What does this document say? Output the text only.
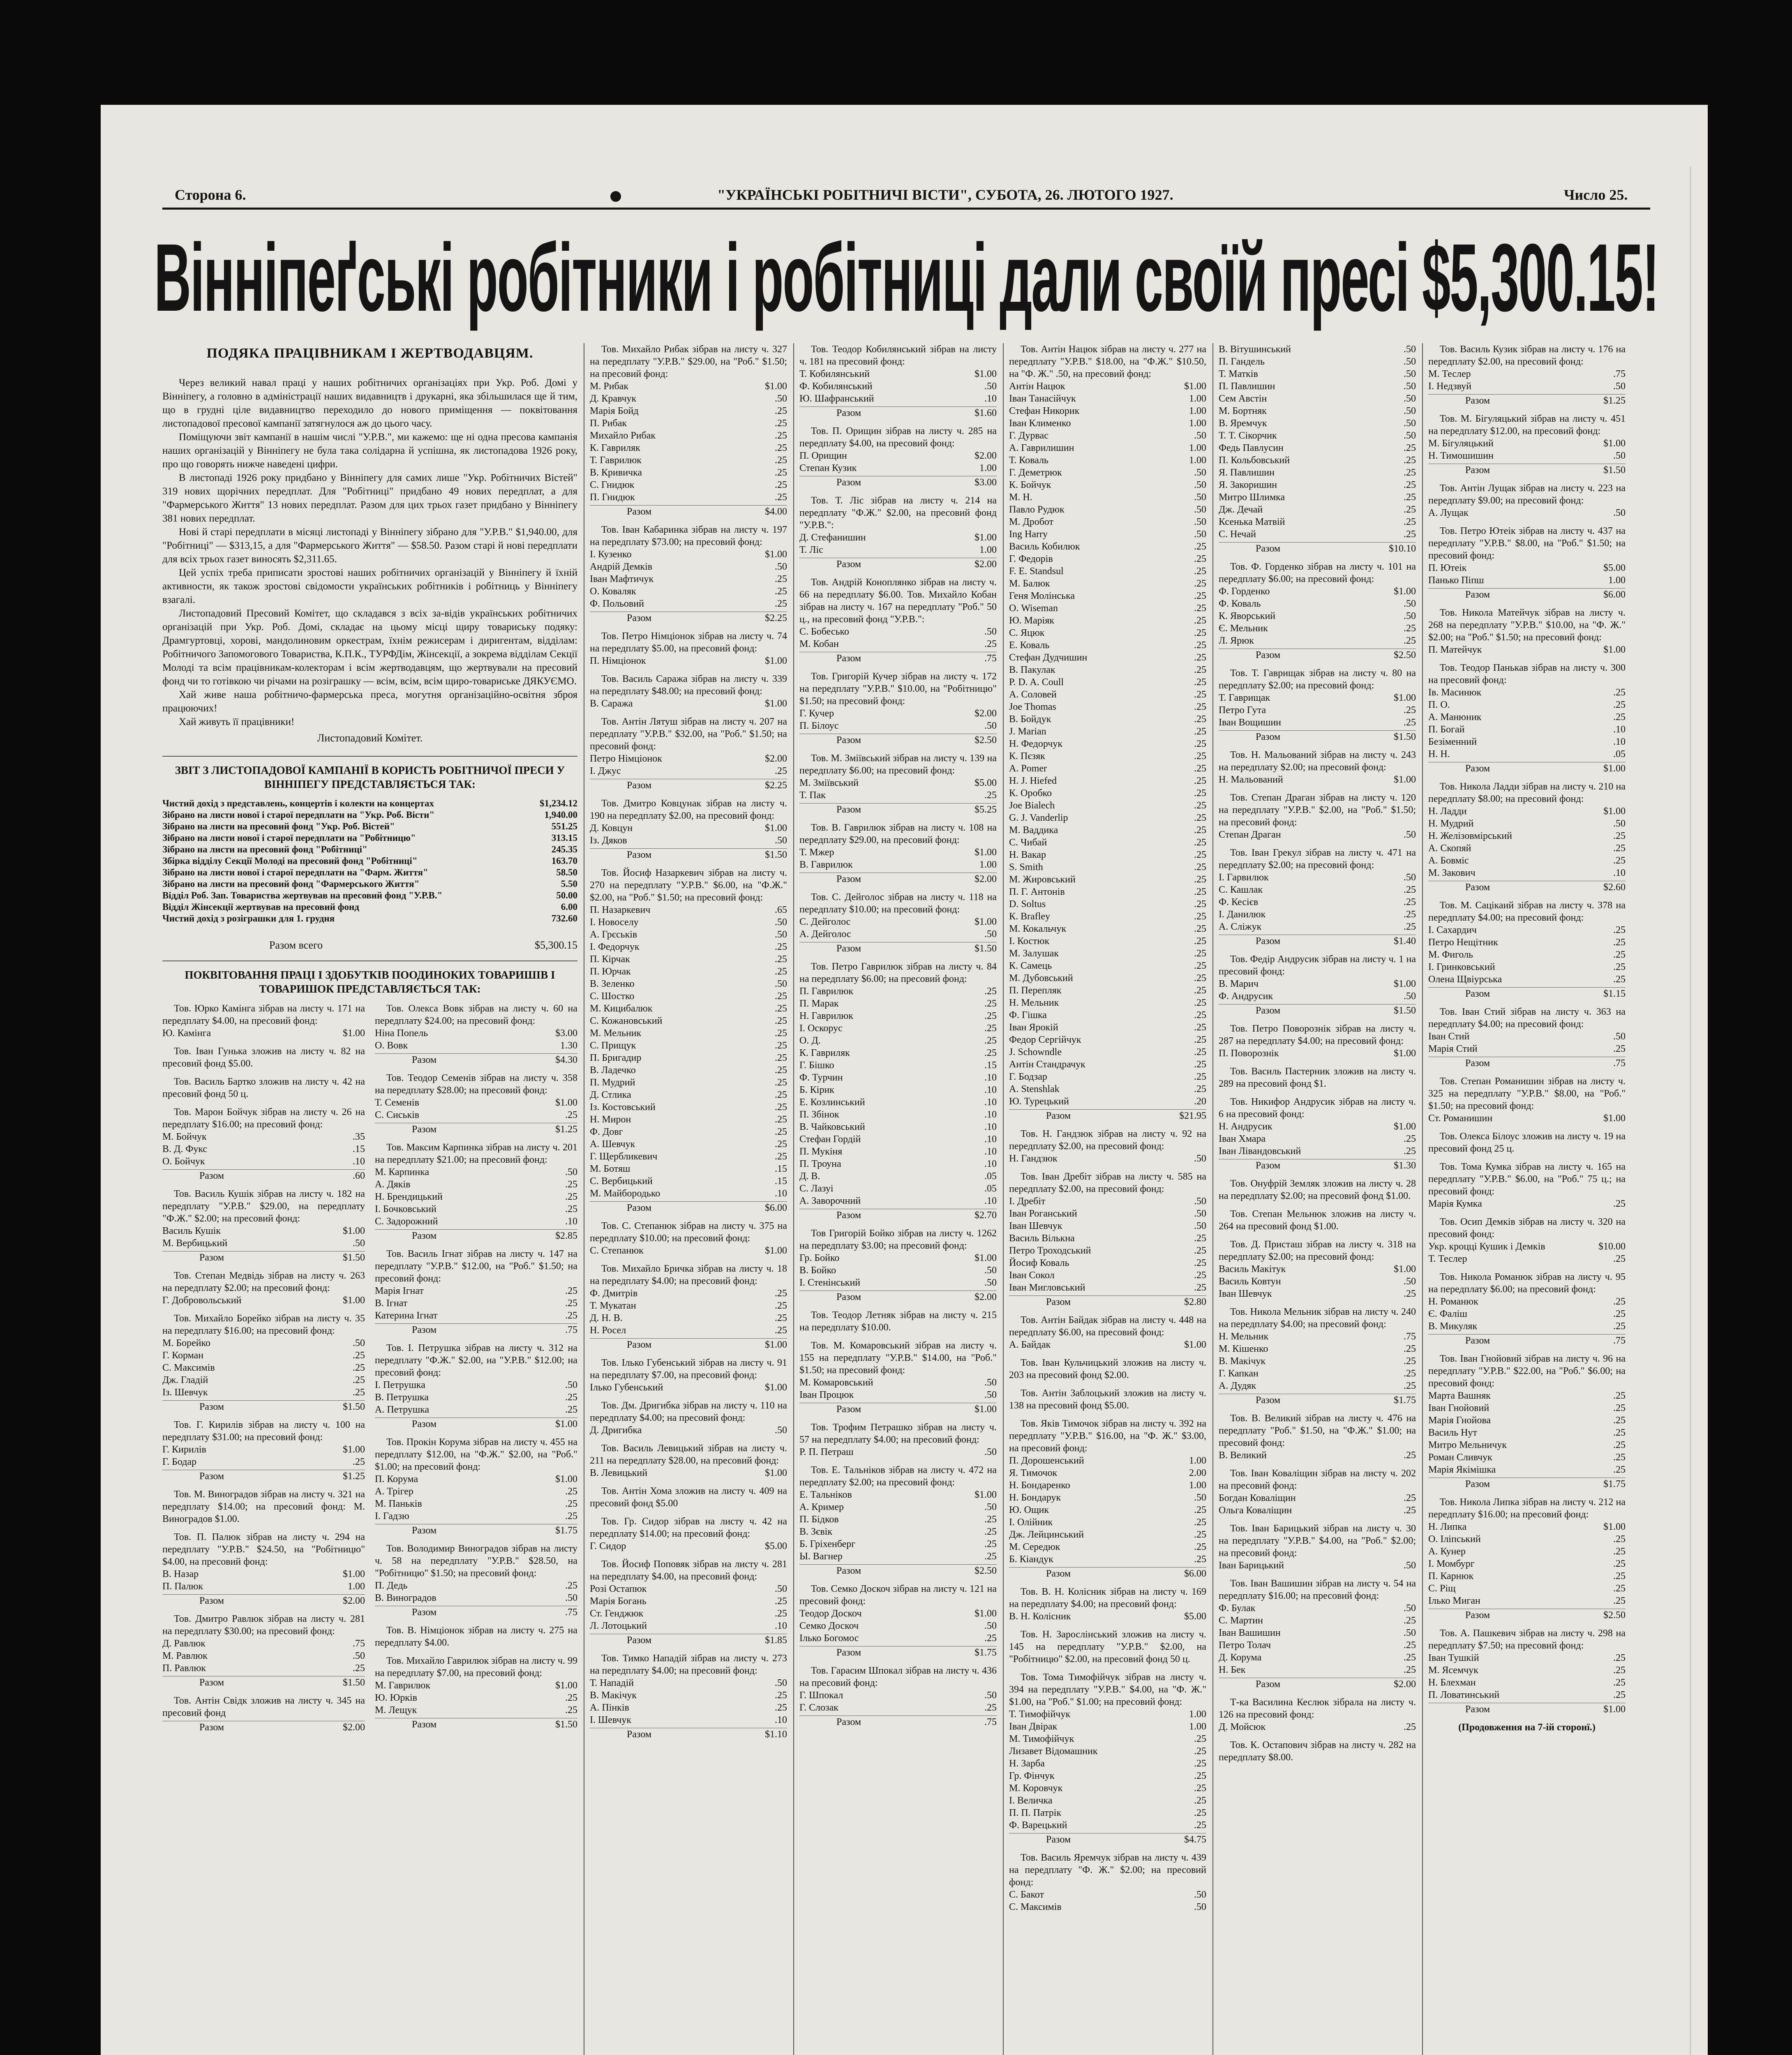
Сторона 6.	"УКРАЇНСЬКІ РОБІТНИЧІ ВІСТИ", СУБОТА, 26. ЛЮТОГО 1927.	Число 25.
Вінніпеґські робітники і робітниці дали своїй пресі $5,300.15!
ПОДЯКА ПРАЦІВНИКАМ І ЖЕРТВОДАВЦЯМ.

Через великий навал праці у наших робітничих організаціях при Укр. Роб. Домі у Вінніпегу, а головно в адміністрації наших видавництв і друкарні, яка збільшилася ще й тим, що в грудні ціле видавництво переходило до нового приміщення — поквітовання листопадової пресової кампанії затягнулося аж до цього часу.

Поміщуючи звіт кампанії в нашім числі "У.Р.В.", ми кажемо: ще ні одна пресова кампанія наших організацій у Вінніпегу не була така солідарна й успішна, як листопадова 1926 року, про що говорять нижче наведені цифри.

В листопаді 1926 року придбано у Вінніпегу для самих лише "Укр. Робітничих Вістей" 319 нових щорічних передплат. Для "Робітниці" придбано 49 нових передплат, а для "Фармерського Життя" 13 нових передплат. Разом для цих трьох газет придбано у Вінніпегу 381 нових передплат.

Нові й старі передплати в місяці листопаді у Вінніпегу зібрано для "У.Р.В." $1,940.00, для "Робітниці" — $313,15, а для "Фармерського Життя" — $58.50. Разом старі й нові передплати для всіх трьох газет виносять $2,311.65.

Цей успіх треба приписати зростові наших робітничих організацій у Вінніпегу й їхній активности, як також зростові свідомости українських робітників і робітниць у Вінніпегу взагалі.

Листопадовий Пресовий Комітет, що складався з всіх за-відів українських робітничих організацій при Укр. Роб. Домі, складає на цьому місці щиру товариську подяку: Драмгуртовці, хорові, мандолиновим оркестрам, їхнім режисерам і диригентам, відділам: Робітничого Запомогового Товариства, К.П.К., ТУРФДім, Жінсекції, а зокрема відділам Секції Молоді та всім працівникам-колекторам і всім жертводавцям, що жертвували на пресовий фонд чи то готівкою чи річами на розіграшку — всім, всім, всім щиро-товариське ДЯКУЄМО.

Хай живе наша робітничо-фармерська преса, могутня організаційно-освітня зброя працюючих!

Хай живуть її працівники!

Листопадовий Комітет.
ЗВІТ З ЛИСТОПАДОВОЇ КАМПАНІЇ В КОРИСТЬ РОБІТНИЧОЇ ПРЕСИ У ВІННІПЕГУ ПРЕДСТАВЛЯЄТЬСЯ ТАК:
Чистий дохід з представлень, концертів і колекти на концертах	$1,234.12
Зібрано на листи нової і старої передплати на "Укр. Роб. Вісти"	1,940.00
Зібрано на листи на пресовий фонд "Укр. Роб. Вістей"	551.25
Зібрано на листи нової і старої передплати на "Робітницю"	313.15
Зібрано на листи на пресовий фонд "Робітниці"	245.35
Збірка відділу Секції Молоді на пресовий фонд "Робітниці"	163.70
Зібрано на листи нової і старої передплати на "Фарм. Життя"	58.50
Зібрано на листи на пресовий фонд "Фармерського Життя"	5.50
Відділ Роб. Зап. Товариства жертвував на пресовий фонд "У.Р.В."	50.00
Відділ Жінсекції жертвував на пресовий фонд	6.00
Чистий дохід з розіграшки для 1. грудня	732.60
Разом всего	$5,300.15
ПОКВІТОВАННЯ ПРАЦІ І ЗДОБУТКІВ ПООДИНОКИХ ТОВАРИШІВ І ТОВАРИШОК ПРЕДСТАВЛЯЄТЬСЯ ТАК:

Тов. Юрко Камінга зібрав на листу ч. 171 на передплату $4.00, на пресовий фонд:

Ю. Камінга	$1.00

Тов. Іван Гунька зложив на листу ч. 82 на пресовий фонд $5.00.

Тов. Василь Бартко зложив на листу ч. 42 на пресовий фонд 50 ц.

Тов. Марон Бойчук зібрав на листу ч. 26 на передплату $16.00; на пресовий фонд:

М. Бойчук	.35
В. Д. Фукс	.15
О. Бойчук	.10
Разом	.60

Тов. Василь Кушік зібрав на листу ч. 182 на передплату "У.Р.В." $29.00, на передплату "Ф.Ж." $2.00; на пресовий фонд:

Василь Кушік	$1.00
М. Вербицький	.50
Разом	$1.50

Тов. Степан Медвідь зібрав на листу ч. 263 на передплату $2.00; на пресовий фонд:

Г. Добровольський	$1.00

Тов. Михайло Борейко зібрав на листу ч. 35 на передплату $16.00; на пресовий фонд:

М. Борейко	.50
Г. Корман	.25
С. Максимів	.25
Дж. Гладій	.25
Із. Шевчук	.25
Разом	$1.50

Тов. Г. Кирилів зібрав на листу ч. 100 на передплату $31.00; на пресовий фонд:

Г. Кирилів	$1.00
Г. Бодар	.25
Разом	$1.25

Тов. М. Виноградов зібрав на листу ч. 321 на передплату $14.00; на пресовий фонд: М. Виноградов $1.00.

Тов. П. Палюк зібрав на листу ч. 294 на передплату "У.Р.В." $24.50, на "Робітницю" $4.00, на пресовий фонд:

В. Назар	$1.00
П. Палюк	1.00
Разом	$2.00

Тов. Дмитро Равлюк зібрав на листу ч. 281 на передплату $30.00; на пресовий фонд:

Д. Равлюк	.75
М. Равлюк	.50
П. Равлюк	.25
Разом	$1.50

Тов. Антін Свідк зложив на листу ч. 345 на пресовий фонд

Разом	$2.00

Тов. Олекса Вовк зібрав на листу ч. 60 на передплату $24.00; на пресовий фонд:

Ніна Попель	$3.00
О. Вовк	1.30
Разом	$4.30

Тов. Теодор Семенів зібрав на листу ч. 358 на передплату $28.00; на пресовий фонд:

Т. Семенів	$1.00
С. Сиськів	.25
Разом	$1.25

Тов. Максим Карпинка зібрав на листу ч. 201 на передплату $21.00; на пресовий фонд:

М. Карпинка	.50
А. Дяків	.25
Н. Брендицький	.25
І. Бочковський	.25
С. Задорожний	.10
Разом	$2.85

Тов. Василь Ігнат зібрав на листу ч. 147 на передплату "У.Р.В." $12.00, на "Роб." $1.50; на пресовий фонд:

Марія Ігнат	.25
В. Ігнат	.25
Катерина Ігнат	.25
Разом	.75

Тов. І. Петрушка зібрав на листу ч. 312 на передплату "Ф.Ж." $2.00, на "У.Р.В." $12.00; на пресовий фонд:

І. Петрушка	.50
В. Петрушка	.25
А. Петрушка	.25
Разом	$1.00

Тов. Прокін Корума зібрав на листу ч. 455 на передплату $12.00, на "Ф.Ж." $2.00, на "Роб." $1.00; на пресовий фонд:

П. Корума	$1.00
А. Трігер	.25
М. Паньків	.25
І. Гадзю	.25
Разом	$1.75

Тов. Володимир Виноградов зібрав на листу ч. 58 на передплату "У.Р.В." $28.50, на "Робітницю" $1.50; на пресовий фонд:

П. Дедь	.25
В. Виноградов	.50
Разом	.75

Тов. В. Німціонок зібрав на листу ч. 275 на передплату $4.00.

Тов. Михайло Гаврилюк зібрав на листу ч. 99 на передплату $7.00, на пресовий фонд:

М. Гаврилюк	$1.00
Ю. Юрків	.25
М. Лещук	.25
Разом	$1.50

Тов. Михайло Рибак зібрав на листу ч. 327 на передплату "У.Р.В." $29.00, на "Роб." $1.50; на пресовий фонд:

М. Рибак	$1.00
Д. Кравчук	.50
Марія Бойд	.25
П. Рибак	.25
Михайло Рибак	.25
К. Гавриляк	.25
Т. Гаврилюк	.25
В. Кривичка	.25
С. Гнидюк	.25
П. Гнидюк	.25
Разом	$4.00

Тов. Іван Кабаринка зібрав на листу ч. 197 на передплату $73.00; на пресовий фонд:

І. Кузенко	$1.00
Андрій Демків	.50
Іван Мафтичук	.25
О. Коваляк	.25
Ф. Польовий	.25
Разом	$2.25

Тов. Петро Німціонок зібрав на листу ч. 74 на передплату $5.00, на пресовий фонд:

П. Німціонок	$1.00

Тов. Василь Саража зібрав на листу ч. 339 на передплату $48.00; на пресовий фонд:

В. Саража	$1.00

Тов. Антін Лятуш зібрав на листу ч. 207 на передплату "У.Р.В." $32.00, на "Роб." $1.50; на пресовий фонд:

Петро Німціонок	$2.00
І. Джус	.25
Разом	$2.25

Тов. Дмитро Ковцунак зібрав на листу ч. 190 на передплату $2.00, на пресовий фонд:

Д. Ковцун	$1.00
Із. Дяков	.50
Разом	$1.50

Тов. Йосиф Назаркевич зібрав на листу ч. 270 на передплату "У.Р.В." $6.00, на "Ф.Ж." $2.00, на "Роб." $1.50; на пресовий фонд:

П. Назаркевич	.65
І. Новоселу	.50
А. Грєськів	.50
І. Федорчук	.25
П. Кірчак	.25
П. Юрчак	.25
В. Зеленко	.50
С. Шостко	.25
М. Кицибалюк	.25
С. Кожановський	.25
М. Мельник	.25
С. Прищук	.25
П. Бригадир	.25
В. Ладечко	.25
П. Мудрий	.25
Д. Стлика	.25
Із. Костовський	.25
Н. Мирон	.25
Ф. Довг	.25
А. Шевчук	.25
Г. Щербликевич	.25
М. Ботяш	.15
С. Вербицький	.15
М. Майбородько	.10
Разом	$6.00

Тов. С. Степанюк зібрав на листу ч. 375 на передплату $10.00; на пресовий фонд:

С. Степанюк	$1.00

Тов. Михайло Бричка зібрав на листу ч. 18 на передплату $4.00; на пресовий фонд:

Ф. Дмитрів	.25
Т. Мукатан	.25
Д. Н. В.	.25
Н. Росел	.25
Разом	$1.00

Тов. Ілько Губенський зібрав на листу ч. 91 на передплату $7.00, на пресовий фонд:

Ілько Губенський	$1.00

Тов. Дм. Дригибка зібрав на листу ч. 110 на передплату $4.00; на пресовий фонд:

Д. Дригибка	.50

Тов. Василь Левицький зібрав на листу ч. 211 на передплату $28.00, на пресовий фонд:

В. Левицький	$1.00

Тов. Антін Хома зложив на листу ч. 409 на пресовий фонд $5.00

Тов. Гр. Сидор зібрав на листу ч. 42 на передплату $14.00; на пресовий фонд:

Г. Сидор	$5.00

Тов. Йосиф Поповяк зібрав на листу ч. 281 на передплату $4.00, на пресовий фонд:

Розі Остапюк	.50
Марія Богань	.25
Ст. Генджюк	.25
Л. Лотоцький	.10
Разом	$1.85

Тов. Тимко Нападій зібрав на листу ч. 273 на передплату $4.00; на пресовий фонд:

Т. Нападій	.50
В. Макічук	.25
А. Пінків	.25
І. Шевчук	.10
Разом	$1.10

Тов. Теодор Кобилянський зібрав на листу ч. 181 на пресовий фонд:

Т. Кобилянський	$1.00
Ф. Кобилянський	.50
Ю. Шафранський	.10
Разом	$1.60

Тов. П. Орищин зібрав на листу ч. 285 на передплату $4.00, на пресовий фонд:

П. Орищин	$2.00
Степан Кузик	1.00
Разом	$3.00

Тов. Т. Ліс зібрав на листу ч. 214 на передплату "Ф.Ж." $2.00, на пресовий фонд "У.Р.В.":

Д. Стефанишин	$1.00
Т. Ліс	1.00
Разом	$2.00

Тов. Андрій Коноплянко зібрав на листу ч. 66 на передплату $6.00. Тов. Михайло Кобан зібрав на листу ч. 167 на передплату "Роб." 50 ц., на пресовий фонд "У.Р.В.":

С. Бобесько	.50
М. Кобан	.25
Разом	.75

Тов. Григорій Кучер зібрав на листу ч. 172 на передплату "У.Р.В." $10.00, на "Робітницю" $1.50; на пресовий фонд:

Г. Кучер	$2.00
П. Білоус	.50
Разом	$2.50

Тов. М. Зміївський зібрав на листу ч. 139 на передплату $6.00; на пресовий фонд:

М. Зміївський	$5.00
Т. Пак	.25
Разом	$5.25

Тов. В. Гаврилюк зібрав на листу ч. 108 на передплату $29.00, на пресовий фонд:

Т. Мжер	$1.00
В. Гаврилюк	1.00
Разом	$2.00

Тов. С. Дейголос зібрав на листу ч. 118 на передплату $10.00; на пресовий фонд:

С. Дейголос	$1.00
А. Дейголос	.50
Разом	$1.50

Тов. Петро Гаврилюк зібрав на листу ч. 84 на передплату $6.00; на пресовий фонд:

П. Гаврилюк	.25
П. Марак	.25
Н. Гаврилюк	.25
І. Оскорус	.25
О. Д.	.25
К. Гавриляк	.25
Г. Бішко	.15
Ф. Турчин	.10
Б. Кірик	.10
Е. Козлинський	.10
П. Збінок	.10
В. Чайковський	.10
Стефан Гордій	.10
П. Мукіня	.10
П. Троуна	.10
Д. В.	.05
С. Лазуі	.05
А. Заворочний	.10
Разом	$2.70

Тов Григорій Бойко зібрав на листу ч. 1262 на передплату $3.00; на пресовий фонд:

Гр. Бойко	$1.00
В. Бойко	.50
І. Стенінський	.50
Разом	$2.00

Тов. Теодор Летняк зібрав на листу ч. 215 на передплату $10.00.

Тов. М. Комаровський зібрав на листу ч. 155 на передплату "У.Р.В." $14.00, на "Роб." $1.50; на пресовий фонд:

М. Комаровський	.50
Іван Процюк	.50
Разом	$1.00

Тов. Трофим Петрашко зібрав на листу ч. 57 на передплату $4.00; на пресовий фонд:

Р. П. Петраш	.50

Тов. Е. Тальніков зібрав на листу ч. 472 на передплату $2.00; на пресовий фонд:

Е. Тальніков	$1.00
А. Кример	.50
П. Бідков	.25
В. Зєвік	.25
Б. Гріхенберг	.25
Ы. Вагнер	.25
Разом	$2.50

Тов. Семко Доскоч зібрав на листу ч. 121 на пресовий фонд:

Теодор Доскоч	$1.00
Семко Доскоч	.50
Ілько Богомос	.25
Разом	$1.75

Тов. Гарасим Шпокал зібрав на листу ч. 436 на пресовий фонд:

Г. Шпокал	.50
Г. Слозак	.25
Разом	.75

Тов. Антін Нацюк зібрав на листу ч. 277 на передплату "У.Р.В." $18.00, на "Ф.Ж." $10.50, на "Ф. Ж." .50, на пресовий фонд:

Антін Нацюк	$1.00
Іван Танасійчук	1.00
Стефан Никорик	1.00
Іван Клименко	1.00
Г. Дурвас	.50
А. Гаврилишин	1.00
Т. Коваль	1.00
Г. Деметрюк	.50
К. Бойчук	.50
М. Н.	.50
Павло Рудюк	.50
М. Дробот	.50
Ing Harry	.50
Василь Кобилюк	.25
Г. Федорів	.25
F. E. Standsul	.25
М. Балюк	.25
Геня Молінська	.25
О. Wiseman	.25
Ю. Маріяк	.25
С. Яцюк	.25
Е. Коваль	.25
Стефан Дудчишин	.25
В. Пакулак	.25
Р. D. A. Coull	.25
А. Соловей	.25
Joe Thomas	.25
В. Бойдук	.25
J. Marian	.25
Н. Федорчук	.25
К. Пєзяк	.25
A. Pomer	.25
Н. J. Hiefed	.25
К. Оробко	.25
Joe Bialech	.25
G. J. Vanderlip	.25
М. Ваддика	.25
С. Чибай	.25
Н. Вакар	.25
S. Smith	.25
М. Жировський	.25
П. Г. Антонів	.25
D. Soltus	.25
К. Brafley	.25
М. Кокальчук	.25
І. Костюк	.25
М. Залушак	.25
К. Самець	.25
М. Дубовський	.25
П. Перепляк	.25
Н. Мельник	.25
Ф. Гішка	.25
Іван Ярокій	.25
Федор Сергійчук	.25
J. Schowndle	.25
Антін Стандрачук	.25
Г. Бодзар	.25
A. Stenshlak	.25
Ю. Турецький	.20
Разом	$21.95

Тов. Н. Гандзюк зібрав на листу ч. 92 на передплату $2.00, на пресовий фонд:

Н. Гандзюк	.50

Тов. Іван Дребіт зібрав на листу ч. 585 на передплату $2.00, на пресовий фонд:

І. Дребіт	.50
Іван Роганський	.50
Іван Шевчук	.50
Василь Вількна	.25
Петро Троходський	.25
Йосиф Коваль	.25
Іван Сокол	.25
Іван Мигловський	.25
Разом	$2.80

Тов. Антін Байдак зібрав на листу ч. 448 на передплату $6.00, на пресовий фонд:

А. Байдак	$1.00

Тов. Іван Кульчицький зложив на листу ч. 203 на пресовий фонд $2.00.

Тов. Антін Заблоцький зложив на листу ч. 138 на пресовий фонд $5.00.

Тов. Яків Тимочок зібрав на листу ч. 392 на передплату "У.Р.В." $16.00, на "Ф. Ж." $3.00, на пресовий фонд:

П. Дорошенський	1.00
Я. Тимочок	2.00
Н. Бондаренко	1.00
Н. Бондарук	.50
Ю. Ощик	.25
І. Олійник	.25
Дж. Лейцинський	.25
М. Середюк	.25
Б. Кіандук	.25
Разом	$6.00

Тов. В. Н. Колісник зібрав на листу ч. 169 на передплату $4.00; на пресовий фонд:

В. Н. Колісник	$5.00

Тов. Н. Зарослінський зложив на листу ч. 145 на передплату "У.Р.В." $2.00, на "Робітницю" $2.00, на пресовий фонд 50 ц.

Тов. Тома Тимофійчук зібрав на листу ч. 394 на передплату "У.Р.В." $4.00, на "Ф. Ж." $1.00, на "Роб." $1.00; на пресовий фонд:

Т. Тимофійчук	1.00
Іван Двірак	1.00
М. Тимофійчук	.25
Лизавет Відомашник	.25
Н. Зарба	.25
Гр. Фінчук	.25
М. Коровчук	.25
І. Величка	.25
П. П. Патрік	.25
Ф. Варецький	.25
Разом	$4.75

Тов. Василь Яремчук зібрав на листу ч. 439 на передплату "Ф. Ж." $2.00; на пресовий фонд:

С. Бакот	.50
С. Максимів	.50
В. Вітушинський	.50
П. Гандель	.50
Т. Матків	.50
П. Павлишин	.50
Сем Австін	.50
М. Бортняк	.50
В. Яремчук	.50
Т. Т. Сікорчик	.50
Федь Павлусин	.25
П. Кольбовський	.25
Я. Павлишин	.25
Я. Закоришин	.25
Митро Шлимка	.25
Дж. Дечай	.25
Ксенька Матвій	.25
С. Нечай	.25
Разом	$10.10

Тов. Ф. Горденко зібрав на листу ч. 101 на передплату $6.00; на пресовий фонд:

Ф. Горденко	$1.00
Ф. Коваль	.50
К. Яворський	.50
Є. Мельник	.25
Л. Ярюк	.25
Разом	$2.50

Тов. Т. Гаврищак зібрав на листу ч. 80 на передплату $2.00; на пресовий фонд:

Т. Гаврищак	$1.00
Петро Гута	.25
Іван Вощишин	.25
Разом	$1.50

Тов. Н. Мальований зібрав на листу ч. 243 на передплату $2.00; на пресовий фонд:

Н. Мальований	$1.00

Тов. Степан Драган зібрав на листу ч. 120 на передплату "У.Р.В." $2.00, на "Роб." $1.50; на пресовий фонд:

Степан Драган	.50

Тов. Іван Грекул зібрав на листу ч. 471 на передплату $2.00; на пресовий фонд:

І. Гарвилюк	.50
С. Кашлак	.25
Ф. Кесієв	.25
І. Данилюк	.25
А. Сліжук	.25
Разом	$1.40

Тов. Федір Андрусик зібрав на листу ч. 1 на пресовий фонд:

В. Марич	$1.00
Ф. Андрусик	.50
Разом	$1.50

Тов. Петро Поворознік зібрав на листу ч. 287 на передплату $4.00; на пресовий фонд:

П. Поворознік	$1.00

Тов. Василь Пастерник зложив на листу ч. 289 на пресовий фонд $1.

Тов. Никифор Андрусик зібрав на листу ч. 6 на пресовий фонд:

Н. Андрусик	$1.00
Іван Хмара	.25
Іван Лівандовський	.25
Разом	$1.30

Тов. Онуфрій Земляк зложив на листу ч. 28 на передплату $2.00; на пресовий фонд $1.00.

Тов. Степан Мельнюк зложив на листу ч. 264 на пресовий фонд $1.00.

Тов. Д. Присташ зібрав на листу ч. 318 на передплату $2.00; на пресовий фонд:

Василь Макітук	$1.00
Василь Ковтун	.50
Іван Шевчук	.25

Тов. Никола Мельник зібрав на листу ч. 240 на передплату $4.00; на пресовий фонд:

Н. Мельник	.75
М. Кішенко	.25
В. Макічук	.25
Г. Капкан	.25
А. Дудяк	.25
Разом	$1.75

Тов. В. Великий зібрав на листу ч. 476 на передплату "Роб." $1.50, на "Ф.Ж." $1.00; на пресовий фонд:

В. Великий	.25

Тов. Іван Коваліщин зібрав на листу ч. 202 на пресовий фонд:

Богдан Коваліщин	.25
Ольга Коваліщин	.25

Тов. Іван Барицький зібрав на листу ч. 30 на передплату "У.Р.В." $4.00, на "Роб." $2.00; на пресовий фонд:

Іван Барицький	.50

Тов. Іван Вашишин зібрав на листу ч. 54 на передплату $16.00; на пресовий фонд:

Ф. Булак	.50
С. Мартин	.25
Іван Вашишин	.50
Петро Толач	.25
Д. Корума	.25
Н. Бек	.25
Разом	$2.00

Т-ка Василина Кеслюк зібрала на листу ч. 126 на пресовий фонд:

Д. Мойсюк	.25

Тов. К. Остапович зібрав на листу ч. 282 на передплату $8.00.

Тов. Василь Кузик зібрав на листу ч. 176 на передплату $2.00, на пресовий фонд:

М. Теслер	.75
І. Недзвуй	.50
Разом	$1.25

Тов. М. Бігуляцький зібрав на листу ч. 451 на передплату $12.00, на пресовий фонд:

М. Бігуляцький	$1.00
Н. Тимошишин	.50
Разом	$1.50

Тов. Антін Лущак зібрав на листу ч. 223 на передплату $9.00; на пресовий фонд:

А. Лущак	.50

Тов. Петро Ютеік зібрав на листу ч. 437 на передплату "У.Р.В." $8.00, на "Роб." $1.50; на пресовий фонд:

П. Ютеік	$5.00
Панько Піпш	1.00
Разом	$6.00

Тов. Никола Матейчук зібрав на листу ч. 268 на передплату "У.Р.В." $10.00, на "Ф. Ж." $2.00; на "Роб." $1.50; на пресовий фонд:

П. Матейчук	$1.00

Тов. Теодор Панькав зібрав на листу ч. 300 на пресовий фонд:

Ів. Масинюк	.25
П. О.	.25
А. Манюник	.25
П. Богай	.10
Безіменний	.10
Н. Н.	.05
Разом	$1.00

Тов. Никола Ладди зібрав на листу ч. 210 на передплату $8.00; на пресовий фонд:

Н. Ладди	$1.00
Н. Мудрий	.50
Н. Желізовмірський	.25
А. Скопяй	.25
А. Бовміс	.25
М. Закович	.10
Разом	$2.60

Тов. М. Сацікаий зібрав на листу ч. 378 на передплату $4.00; на пресовий фонд:

І. Сахардич	.25
Петро Нещітник	.25
М. Фиголь	.25
І. Гринковський	.25
Олена Щвіурська	.25
Разом	$1.15

Тов. Іван Стий зібрав на листу ч. 363 на передплату $4.00; на пресовий фонд:

Іван Стий	.50
Марія Стий	.25
Разом	.75

Тов. Степан Романишин зібрав на листу ч. 325 на передплату "У.Р.В." $8.00, на "Роб." $1.50; на пресовий фонд:

Ст. Романишин	$1.00

Тов. Олекса Білоус зложив на листу ч. 19 на пресовий фонд 25 ц.

Тов. Тома Кумка зібрав на листу ч. 165 на передплату "У.Р.В." $6.00, на "Роб." 75 ц.; на пресовий фонд:

Марія Кумка	.25

Тов. Осип Демків зібрав на листу ч. 320 на пресовий фонд:

Укр. кроцці Кушик і Демків	$10.00
Т. Теслер	.25

Тов. Никола Романюк зібрав на листу ч. 95 на передплату $6.00; на пресовий фонд:

Н. Романюк	.25
Є. Фаліш	.25
В. Микуляк	.25
Разом	.75

Тов. Іван Гнойовий зібрав на листу ч. 96 на передплату "У.Р.В." $22.00, на "Роб." $6.00; на пресовий фонд:

Марта Вашняк	.25
Іван Гнойовий	.25
Марія Гнойова	.25
Василь Нут	.25
Митро Мельничук	.25
Роман Сливчук	.25
Марія Якімішка	.25
Разом	$1.75

Тов. Никола Липка зібрав на листу ч. 212 на передплату $16.00; на пресовий фонд:

Н. Липка	$1.00
О. Іліпський	.25
А. Кунер	.25
І. Момбург	.25
П. Карнюк	.25
С. Ріщ	.25
Ілько Миган	.25
Разом	$2.50

Тов. А. Пашкевич зібрав на листу ч. 298 на передплату $7.50; на пресовий фонд:

Іван Тушкій	.25
М. Ясемчук	.25
Н. Блехман	.25
П. Ловатинський	.25
Разом	$1.00

(Продовження на 7-ій сторонї.)
